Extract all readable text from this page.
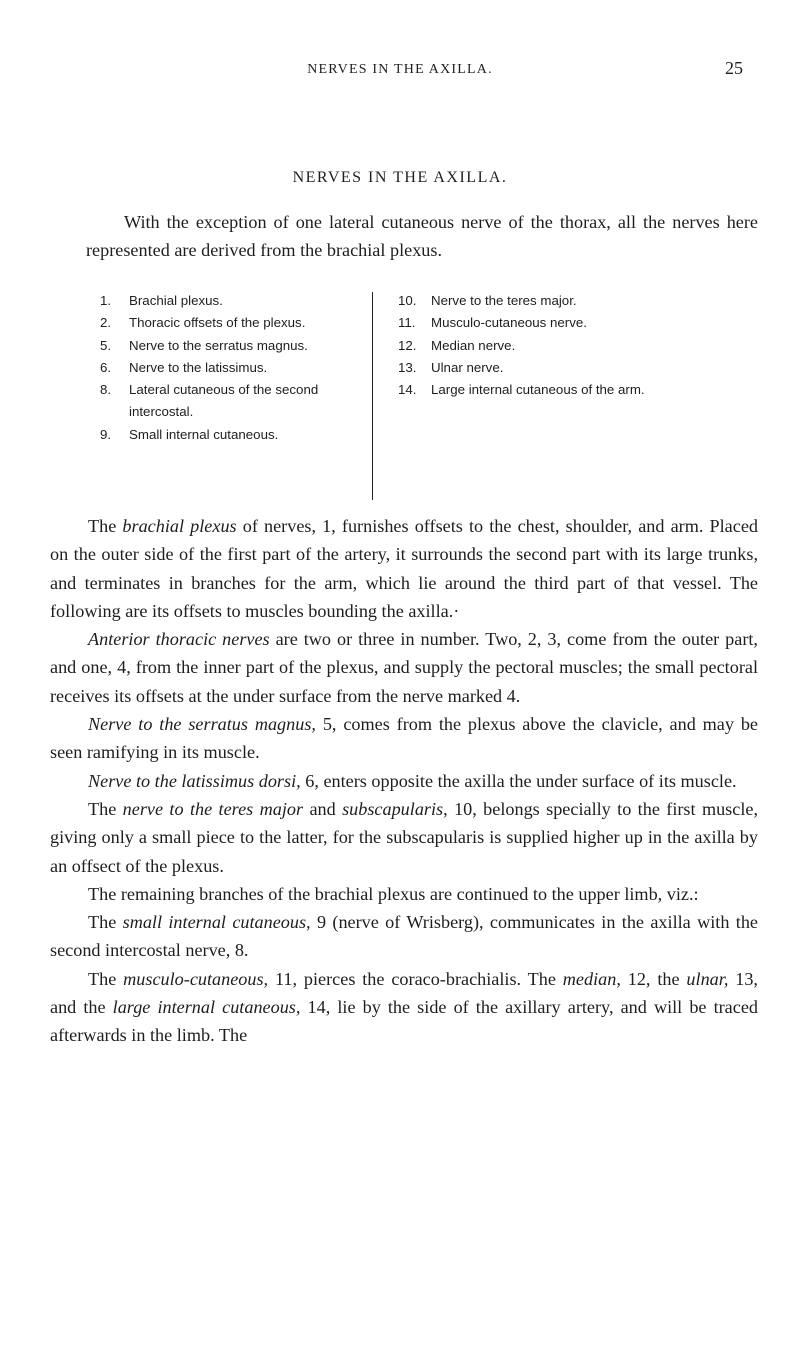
NERVES IN THE AXILLA.	25
NERVES IN THE AXILLA.

With the exception of one lateral cutaneous nerve of the thorax, all the nerves here represented are derived from the brachial plexus.

1. Brachial plexus.
2. Thoracic offsets of the plexus.
5. Nerve to the serratus magnus.
6. Nerve to the latissimus.
8. Lateral cutaneous of the second intercostal.
9. Small internal cutaneous.
10. Nerve to the teres major.
11. Musculo-cutaneous nerve.
12. Median nerve.
13. Ulnar nerve.
14. Large internal cutaneous of the arm.

The brachial plexus of nerves, 1, furnishes offsets to the chest, shoulder, and arm. Placed on the outer side of the first part of the artery, it surrounds the second part with its large trunks, and terminates in branches for the arm, which lie around the third part of that vessel. The following are its offsets to muscles bounding the axilla.·

Anterior thoracic nerves are two or three in number. Two, 2, 3, come from the outer part, and one, 4, from the inner part of the plexus, and supply the pectoral muscles; the small pectoral receives its offsets at the under surface from the nerve marked 4.

Nerve to the serratus magnus, 5, comes from the plexus above the clavicle, and may be seen ramifying in its muscle.

Nerve to the latissimus dorsi, 6, enters opposite the axilla the under surface of its muscle.

The nerve to the teres major and subscapularis, 10, belongs specially to the first muscle, giving only a small piece to the latter, for the subscapularis is supplied higher up in the axilla by an offsect of the plexus.

The remaining branches of the brachial plexus are continued to the upper limb, viz.:

The small internal cutaneous, 9 (nerve of Wrisberg), communicates in the axilla with the second intercostal nerve, 8.

The musculo-cutaneous, 11, pierces the coraco-brachialis. The median, 12, the ulnar, 13, and the large internal cutaneous, 14, lie by the side of the axillary artery, and will be traced afterwards in the limb. The
